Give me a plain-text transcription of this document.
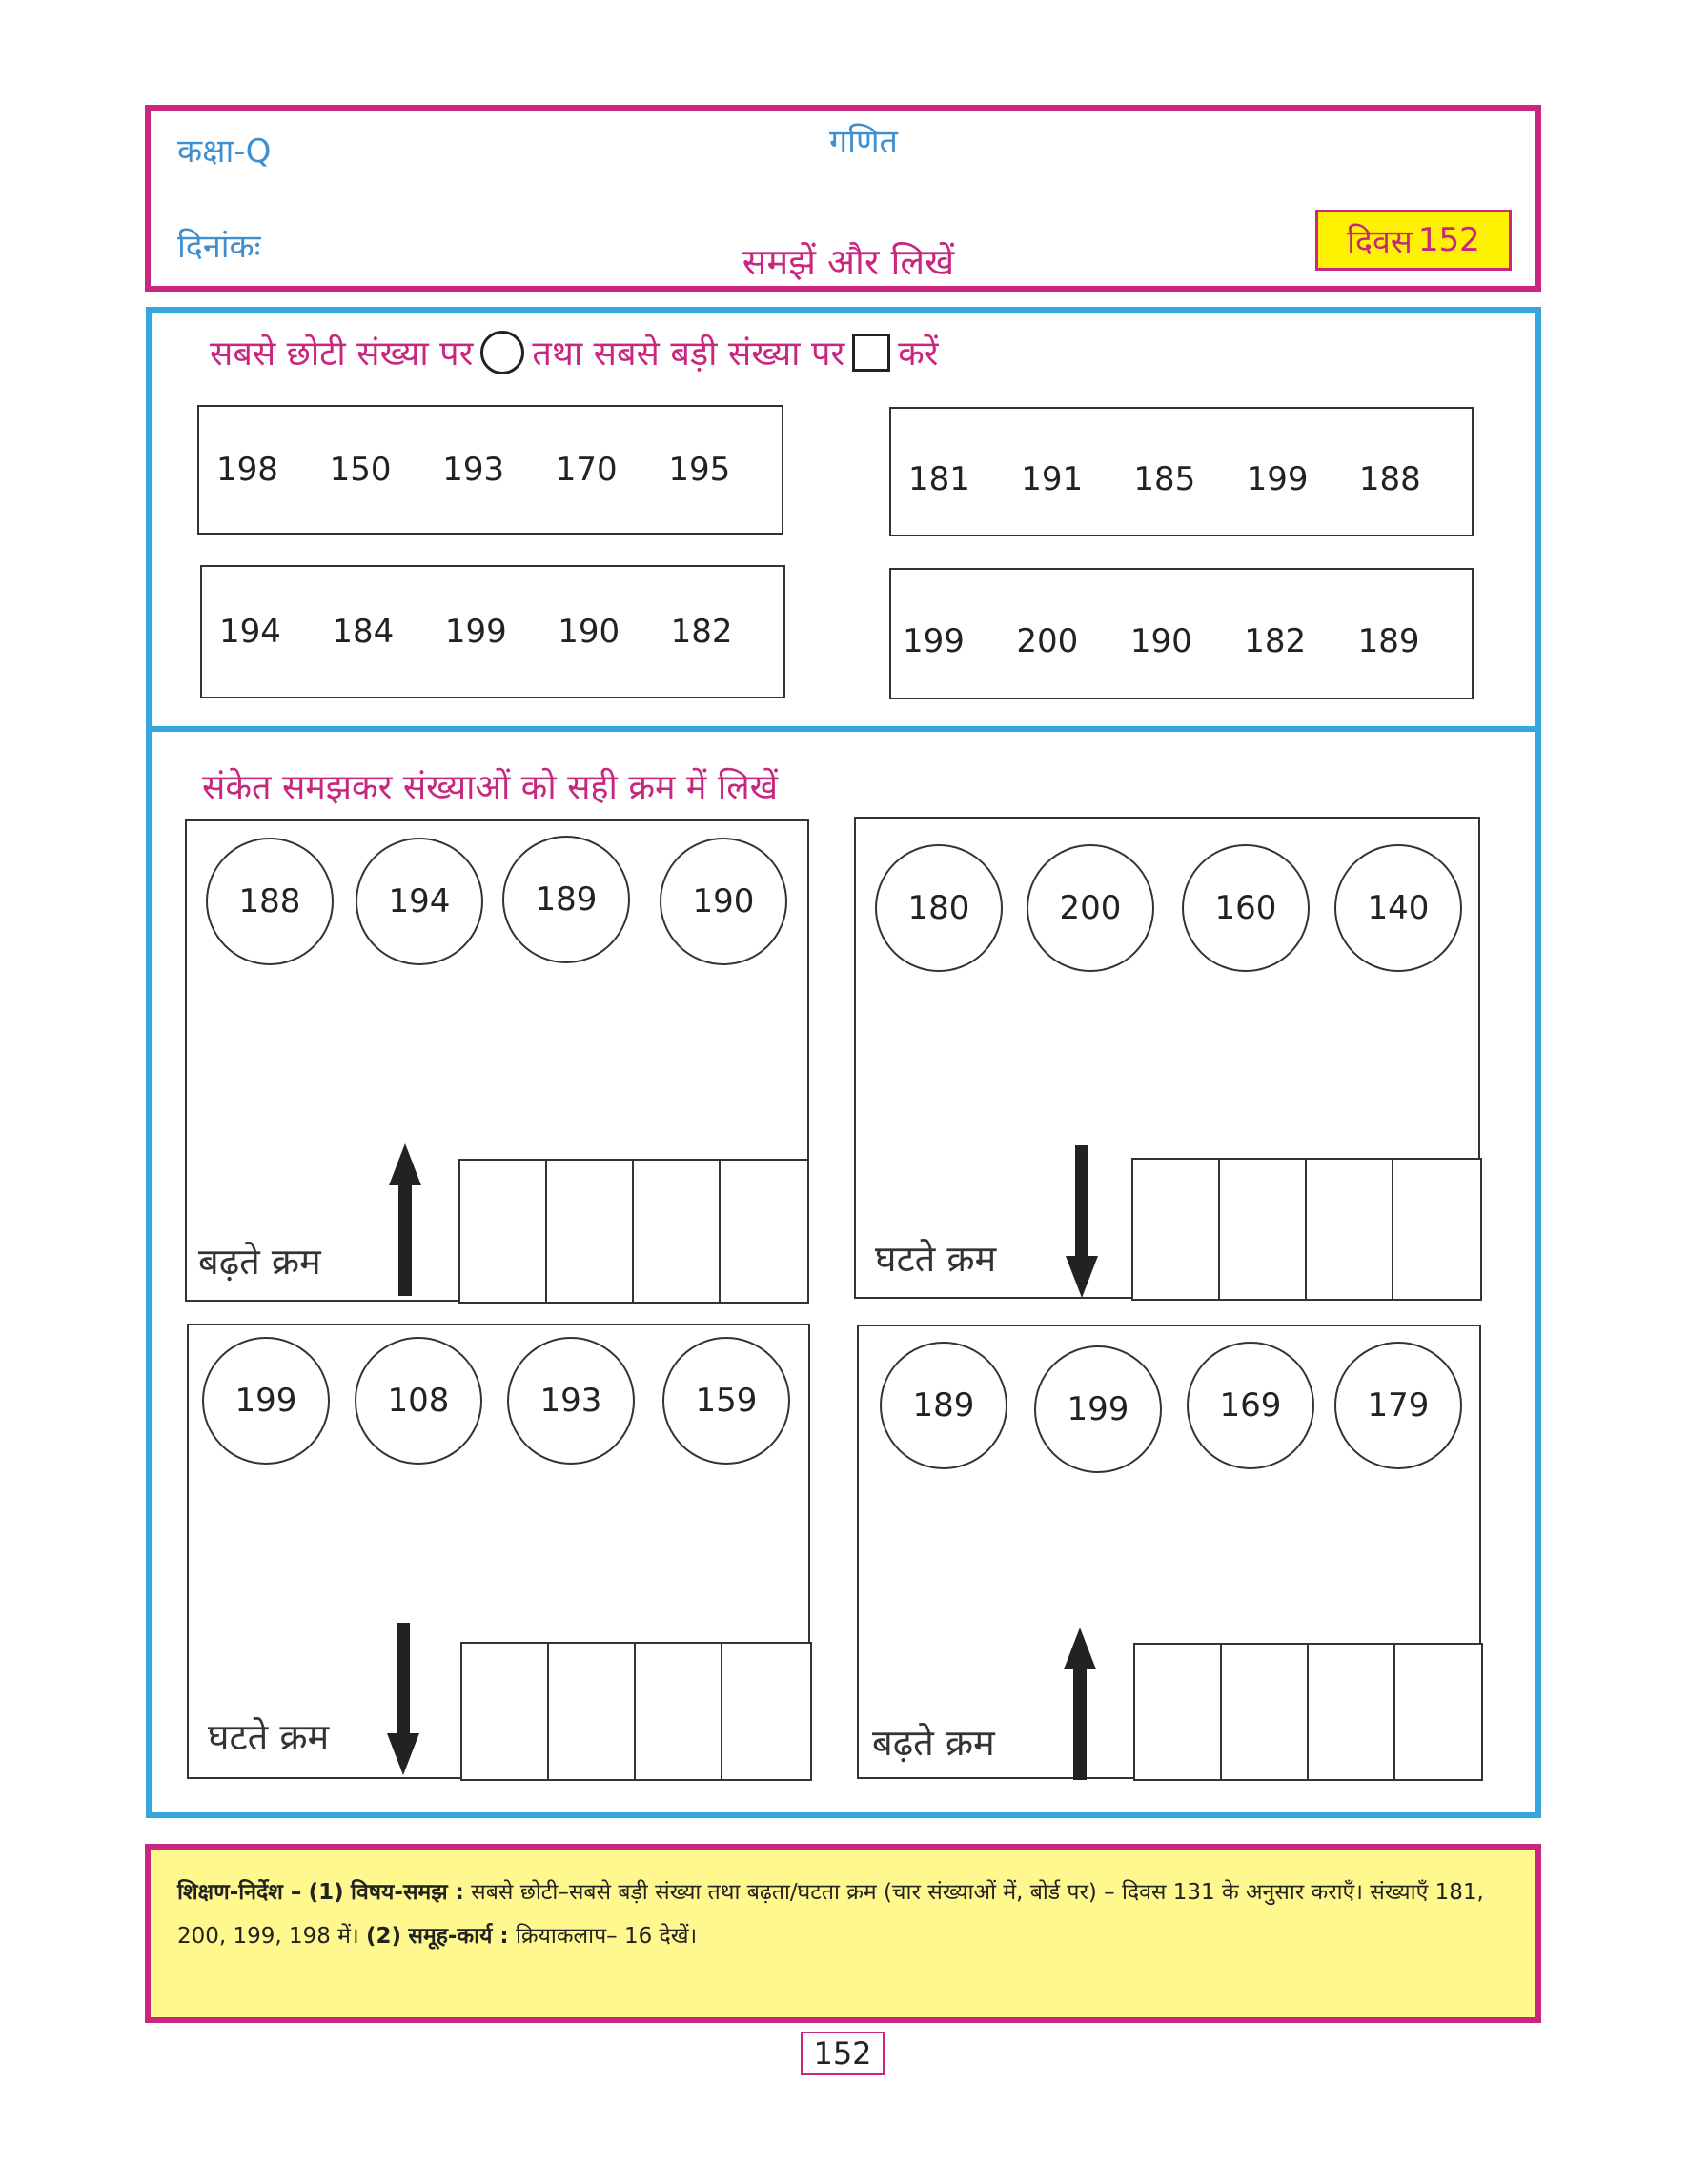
कक्षा-Q	गणित
दिनांकः	दिवस 152
समझें और लिखें
सबसे छोटी संख्या पर तथा सबसे बड़ी संख्या पर करें
198	150	193	170	195	181	191	185	199	188
194	184	199	190	182	199	200	190	182	189
संकेत समझकर संख्याओं को सही क्रम में लिखें
188	194	189	190
बढ़ते क्रम
180	200	160	140
घटते क्रम
199	108	193	159
घटते क्रम
189	199	169	179
बढ़ते क्रम
शिक्षण-निर्देश – (1) विषय-समझ : सबसे छोटी–सबसे बड़ी संख्या तथा बढ़ता/घटता क्रम (चार संख्याओं में, बोर्ड पर) – दिवस 131 के अनुसार कराएँ। संख्याएँ 181, 200, 199, 198 में। (2) समूह-कार्य : क्रियाकलाप– 16 देखें।
152
